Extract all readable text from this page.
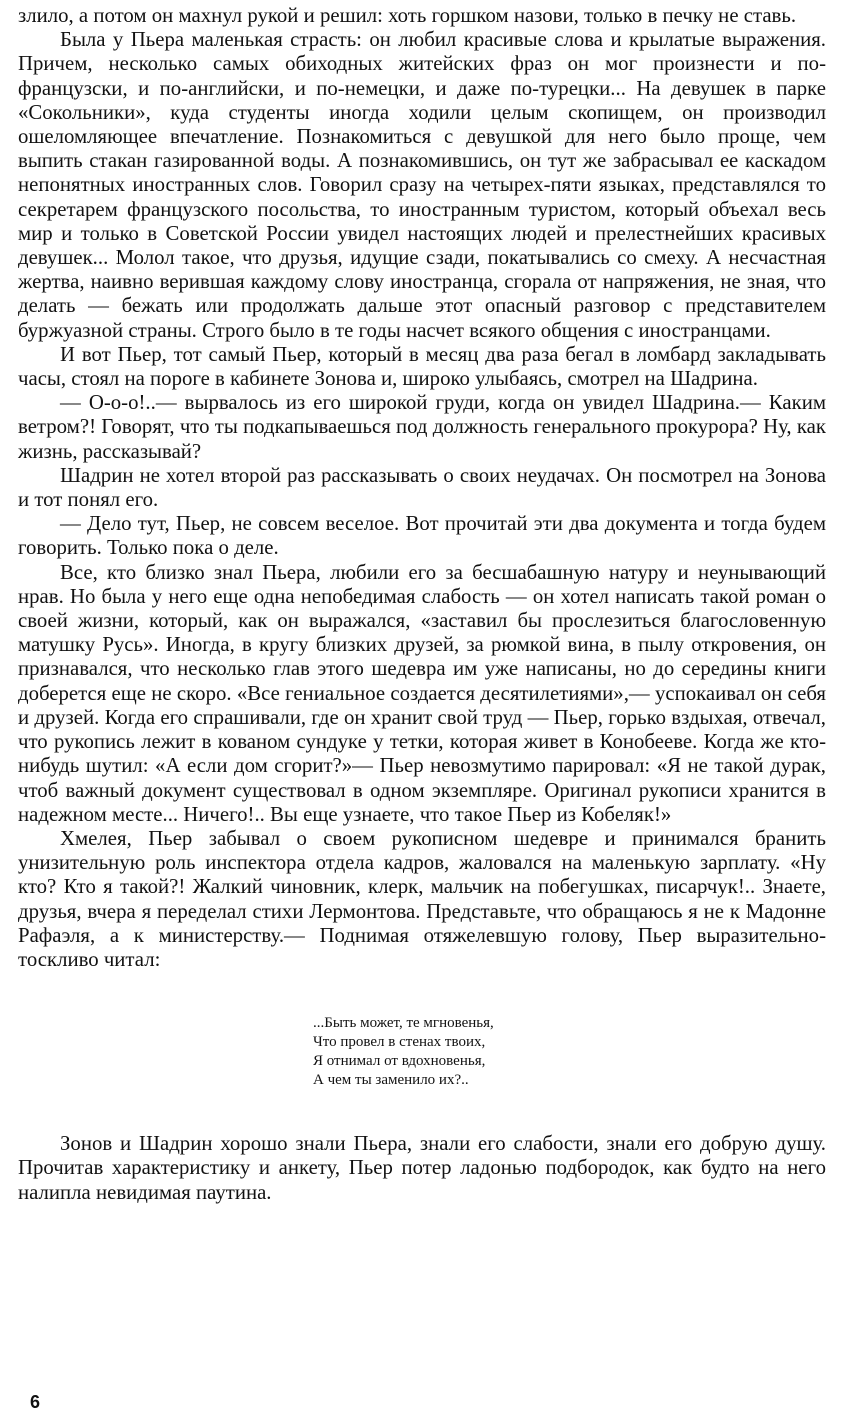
злило, а потом он махнул рукой и решил: хоть горшком назови, только в печку не ставь.

Была у Пьера маленькая страсть: он любил красивые слова и крылатые выражения. Причем, несколько самых обиходных житейских фраз он мог произнести и по-французски, и по-английски, и по-немецки, и даже по-турецки... На девушек в парке «Сокольники», куда студенты иногда ходили целым скопищем, он производил ошеломляющее впечатление. Познакомиться с девушкой для него было проще, чем выпить стакан газированной воды. А познакомившись, он тут же забрасывал ее каскадом непонятных иностранных слов. Говорил сразу на четырех-пяти языках, представлялся то секретарем французского посольства, то иностранным туристом, который объехал весь мир и только в Советской России увидел настоящих людей и прелестнейших красивых девушек... Молол такое, что друзья, идущие сзади, покатывались со смеху. А несчастная жертва, наивно верившая каждому слову иностранца, сгорала от напряжения, не зная, что делать — бежать или продолжать дальше этот опасный разговор с представителем буржуазной страны. Строго было в те годы насчет всякого общения с иностранцами.

И вот Пьер, тот самый Пьер, который в месяц два раза бегал в ломбард закладывать часы, стоял на пороге в кабинете Зонова и, широко улыбаясь, смотрел на Шадрина.

— О-о-о!..— вырвалось из его широкой груди, когда он увидел Шадрина.— Каким ветром?! Говорят, что ты подкапываешься под должность генерального прокурора? Ну, как жизнь, рассказывай?

Шадрин не хотел второй раз рассказывать о своих неудачах. Он посмотрел на Зонова и тот понял его.

— Дело тут, Пьер, не совсем веселое. Вот прочитай эти два документа и тогда будем говорить. Только пока о деле.

Все, кто близко знал Пьера, любили его за бесшабашную натуру и неунывающий нрав. Но была у него еще одна непобедимая слабость — он хотел написать такой роман о своей жизни, который, как он выражался, «заставил бы прослезиться благословенную матушку Русь». Иногда, в кругу близких друзей, за рюмкой вина, в пылу откровения, он признавался, что несколько глав этого шедевра им уже написаны, но до середины книги доберется еще не скоро. «Все гениальное создается десятилетиями»,— успокаивал он себя и друзей. Когда его спрашивали, где он хранит свой труд — Пьер, горько вздыхая, отвечал, что рукопись лежит в кованом сундуке у тетки, которая живет в Конобееве. Когда же кто-нибудь шутил: «А если дом сгорит?»— Пьер невозмутимо парировал: «Я не такой дурак, чтоб важный документ существовал в одном экземпляре. Оригинал рукописи хранится в надежном месте... Ничего!.. Вы еще узнаете, что такое Пьер из Кобеляк!»

Хмелея, Пьер забывал о своем рукописном шедевре и принимался бранить унизительную роль инспектора отдела кадров, жаловался на маленькую зарплату. «Ну кто? Кто я такой?! Жалкий чиновник, клерк, мальчик на побегушках, писарчук!.. Знаете, друзья, вчера я переделал стихи Лермонтова. Представьте, что обращаюсь я не к Мадонне Рафаэля, а к министерству.— Поднимая отяжелевшую голову, Пьер выразительно-тоскливо читал:

...Быть может, те мгновенья,
Что провел в стенах твоих,
Я отнимал от вдохновенья,
А чем ты заменило их?..

Зонов и Шадрин хорошо знали Пьера, знали его слабости, знали его добрую душу. Прочитав характеристику и анкету, Пьер потер ладонью подбородок, как будто на него налипла невидимая паутина.

6
